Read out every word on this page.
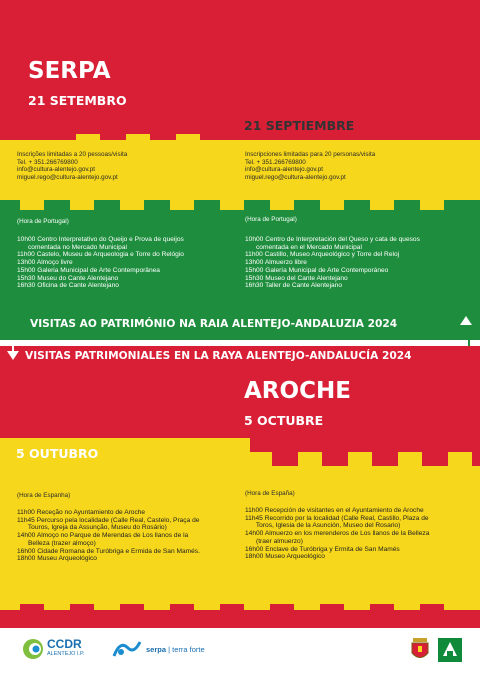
SERPA
21 SETEMBRO
21 SEPTIEMBRE
Inscrições limitadas a 20 pessoas/visita
Tel. + 351.266769800
info@cultura-alentejo.gov.pt
miguel.rego@cultura-alentejo.gov.pt
Inscripciones limitadas para 20 personas/visita
Tel. + 351.266769800
info@cultura-alentejo.gov.pt
miguel.rego@cultura-alentejo.gov.pt
(Hora de Portugal)	(Hora de Portugal)
10h00 Centro Interpretativo do Queijo e Prova de queijos
comentada no Mercado Municipal
11h00 Castelo, Museu de Arqueologia e Torre do Relógio
13h00 Almoço livre
15h00 Galeria Municipal de Arte Contemporânea
15h30 Museu do Cante Alentejano
16h30 Oficina de Cante Alentejano
10h00 Centro de Interpretación del Queso y cata de quesos
comentada en el Mercado Municipal
11h00 Castillo, Museo Arqueológico y Torre del Reloj
13h00 Almuerzo libre
15h00 Galería Municipal de Arte Contemporáneo
15h30 Museo del Cante Alentejano
16h30 Taller de Cante Alentejano
VISITAS AO PATRIMÓNIO NA RAIA ALENTEJO-ANDALUZIA 2024
VISITAS PATRIMONIALES EN LA RAYA ALENTEJO-ANDALUCÍA 2024
AROCHE
5 OCTUBRE
5 OUTUBRO
(Hora de Espanha)	(Hora de España)
11h00 Receção no Ayuntamiento de Aroche
11h45 Percurso pela localidade (Calle Real, Castelo, Praça de
Touros, Igreja da Assunção, Museu do Rosário)
14h00 Almoço no Parque de Merendas de Los llanos de la
Belleza (trazer almoço)
16h00 Cidade Romana de Turóbriga e Ermida de San Mamés.
18h00 Museu Arqueológico
11h00 Recepción de visitantes en el Ayuntamiento de Aroche
11h45 Recorrido por la localidad (Calle Real, Castillo, Plaza de
Toros, Iglesia de la Asunción, Museo del Rosario)
14h00 Almuerzo en los merenderos de Los llanos de la Belleza
(traer almuerzo)
16h00 Enclave de Turóbriga y Ermita de San Mamés
18h00 Museo Arqueológico
CCDR
ALENTEJO I.P.
serpa | terra forte
